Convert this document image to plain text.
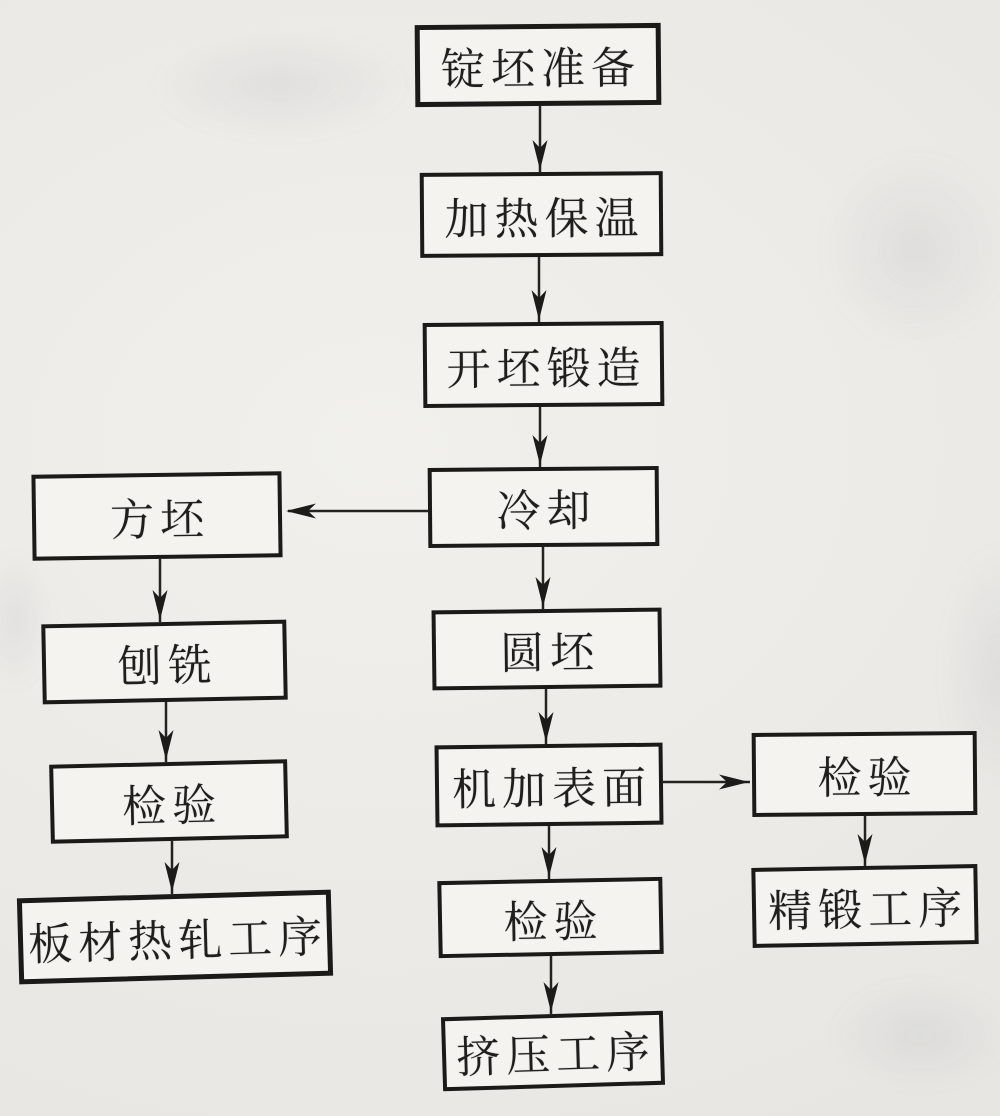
锭坯准备
加热保温
开坯锻造
冷却
圆坯
机加表面
检验
挤压工序
方坯
刨铣
检验
板材热轧工序
检验
精锻工序
